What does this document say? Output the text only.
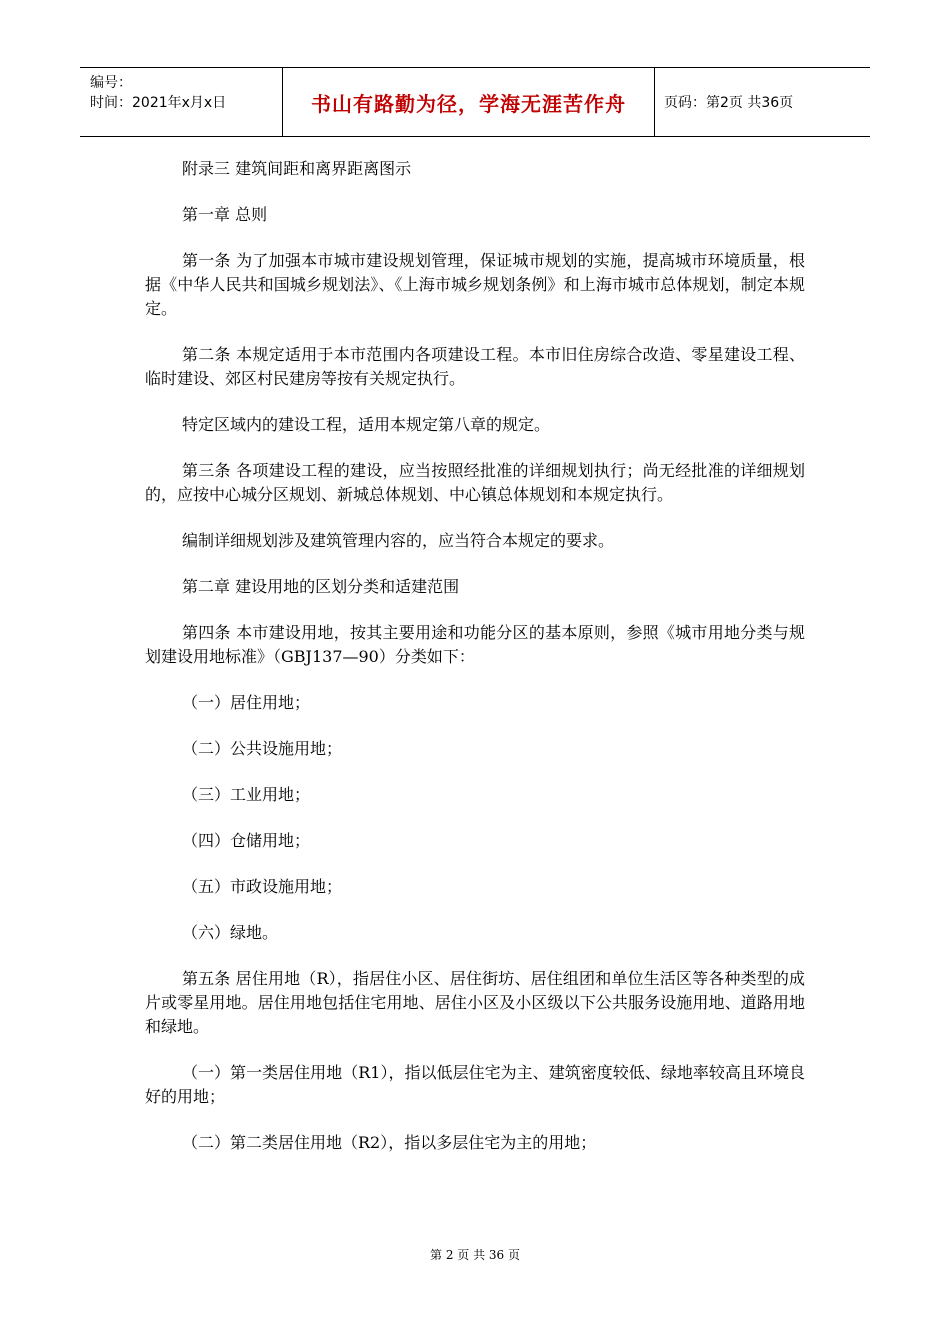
编号：
时间：2021年x月x日	书山有路勤为径，学海无涯苦作舟	页码：第2页 共36页

附录三 建筑间距和离界距离图示

第一章 总则

第一条 为了加强本市城市建设规划管理，保证城市规划的实施，提高城市环境质量，根据《中华人民共和国城乡规划法》、《上海市城乡规划条例》和上海市城市总体规划，制定本规定。

第二条 本规定适用于本市范围内各项建设工程。本市旧住房综合改造、零星建设工程、临时建设、郊区村民建房等按有关规定执行。

特定区域内的建设工程，适用本规定第八章的规定。

第三条 各项建设工程的建设，应当按照经批准的详细规划执行；尚无经批准的详细规划的，应按中心城分区规划、新城总体规划、中心镇总体规划和本规定执行。

编制详细规划涉及建筑管理内容的，应当符合本规定的要求。

第二章 建设用地的区划分类和适建范围

第四条 本市建设用地，按其主要用途和功能分区的基本原则，参照《城市用地分类与规划建设用地标准》（GBJ137—90）分类如下：

（一）居住用地；

（二）公共设施用地；

（三）工业用地；

（四）仓储用地；

（五）市政设施用地；

（六）绿地。

第五条 居住用地（R），指居住小区、居住街坊、居住组团和单位生活区等各种类型的成片或零星用地。居住用地包括住宅用地、居住小区及小区级以下公共服务设施用地、道路用地和绿地。

（一）第一类居住用地（R1），指以低层住宅为主、建筑密度较低、绿地率较高且环境良好的用地；

（二）第二类居住用地（R2），指以多层住宅为主的用地；

第 2 页 共 36 页
